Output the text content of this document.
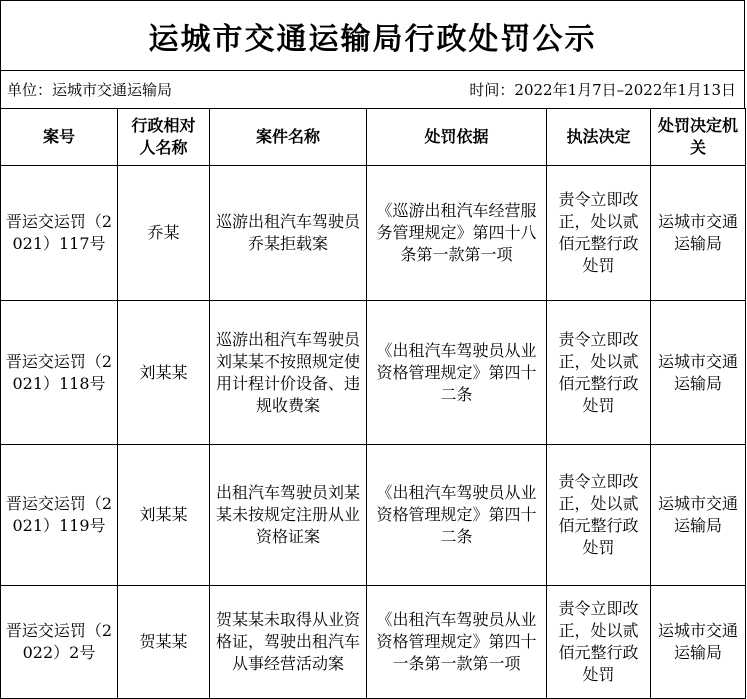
运城市交通运输局行政处罚公示
单位：运城市交通运输局	时间：2022年1月7日–2022年1月13日
案号	行政相对人名称	案件名称	处罚依据	执法决定	处罚决定机关
晋运交运罚（2021）117号	乔某	巡游出租汽车驾驶员乔某拒载案	《巡游出租汽车经营服务管理规定》第四十八条第一款第一项	责令立即改正，处以贰佰元整行政处罚	运城市交通运输局
晋运交运罚（2021）118号	刘某某	巡游出租汽车驾驶员刘某某不按照规定使用计程计价设备、违规收费案	《出租汽车驾驶员从业资格管理规定》第四十二条	责令立即改正，处以贰佰元整行政处罚	运城市交通运输局
晋运交运罚（2021）119号	刘某某	出租汽车驾驶员刘某某未按规定注册从业资格证案	《出租汽车驾驶员从业资格管理规定》第四十二条	责令立即改正，处以贰佰元整行政处罚	运城市交通运输局
晋运交运罚（2022）2号	贺某某	贺某某未取得从业资格证，驾驶出租汽车从事经营活动案	《出租汽车驾驶员从业资格管理规定》第四十一条第一款第一项	责令立即改正，处以贰佰元整行政处罚	运城市交通运输局
